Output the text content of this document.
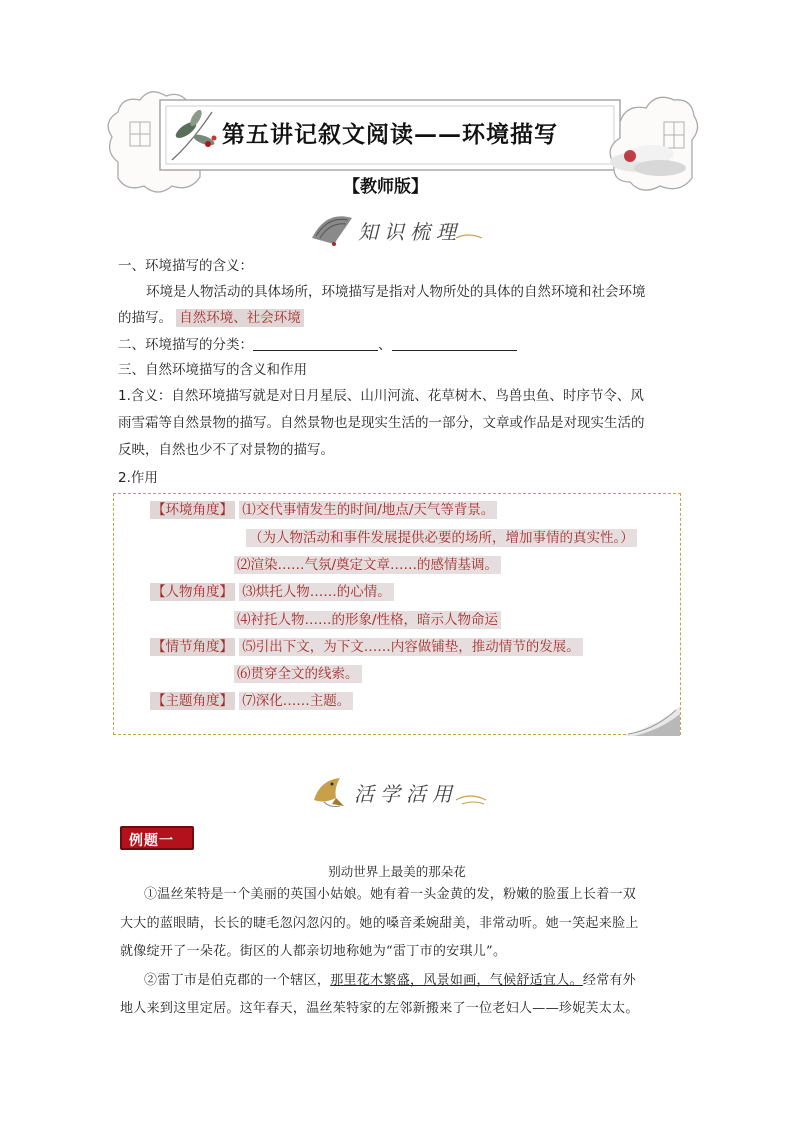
第五讲记叙文阅读——环境描写
【教师版】
知识梳理
一、环境描写的含义：
环境是人物活动的具体场所，环境描写是指对人物所处的具体的自然环境和社会环境
的描写。 自然环境、社会环境
二、环境描写的分类：	、
三、自然环境描写的含义和作用
1.含义：自然环境描写就是对日月星辰、山川河流、花草树木、鸟兽虫鱼、时序节令、风
雨雪霜等自然景物的描写。自然景物也是现实生活的一部分，文章或作品是对现实生活的
反映，自然也少不了对景物的描写。
2.作用
【环境角度】 ⑴交代事情发生的时间/地点/天气等背景。
（为人物活动和事件发展提供必要的场所，增加事情的真实性。）
⑵渲染……气氛/奠定文章……的感情基调。
【人物角度】 ⑶烘托人物……的心情。
⑷衬托人物……的形象/性格，暗示人物命运
【情节角度】 ⑸引出下文，为下文……内容做铺垫，推动情节的发展。
⑹贯穿全文的线索。
【主题角度】 ⑺深化……主题。
活学活用
例题一
别动世界上最美的那朵花
①温丝茱特是一个美丽的英国小姑娘。她有着一头金黄的发，粉嫩的脸蛋上长着一双
大大的蓝眼睛，长长的睫毛忽闪忽闪的。她的嗓音柔婉甜美，非常动听。她一笑起来脸上
就像绽开了一朵花。街区的人都亲切地称她为“雷丁市的安琪儿”。
②雷丁市是伯克郡的一个辖区，那里花木繁盛，风景如画，气候舒适宜人。经常有外
地人来到这里定居。这年春天，温丝茱特家的左邻新搬来了一位老妇人——珍妮芙太太。
